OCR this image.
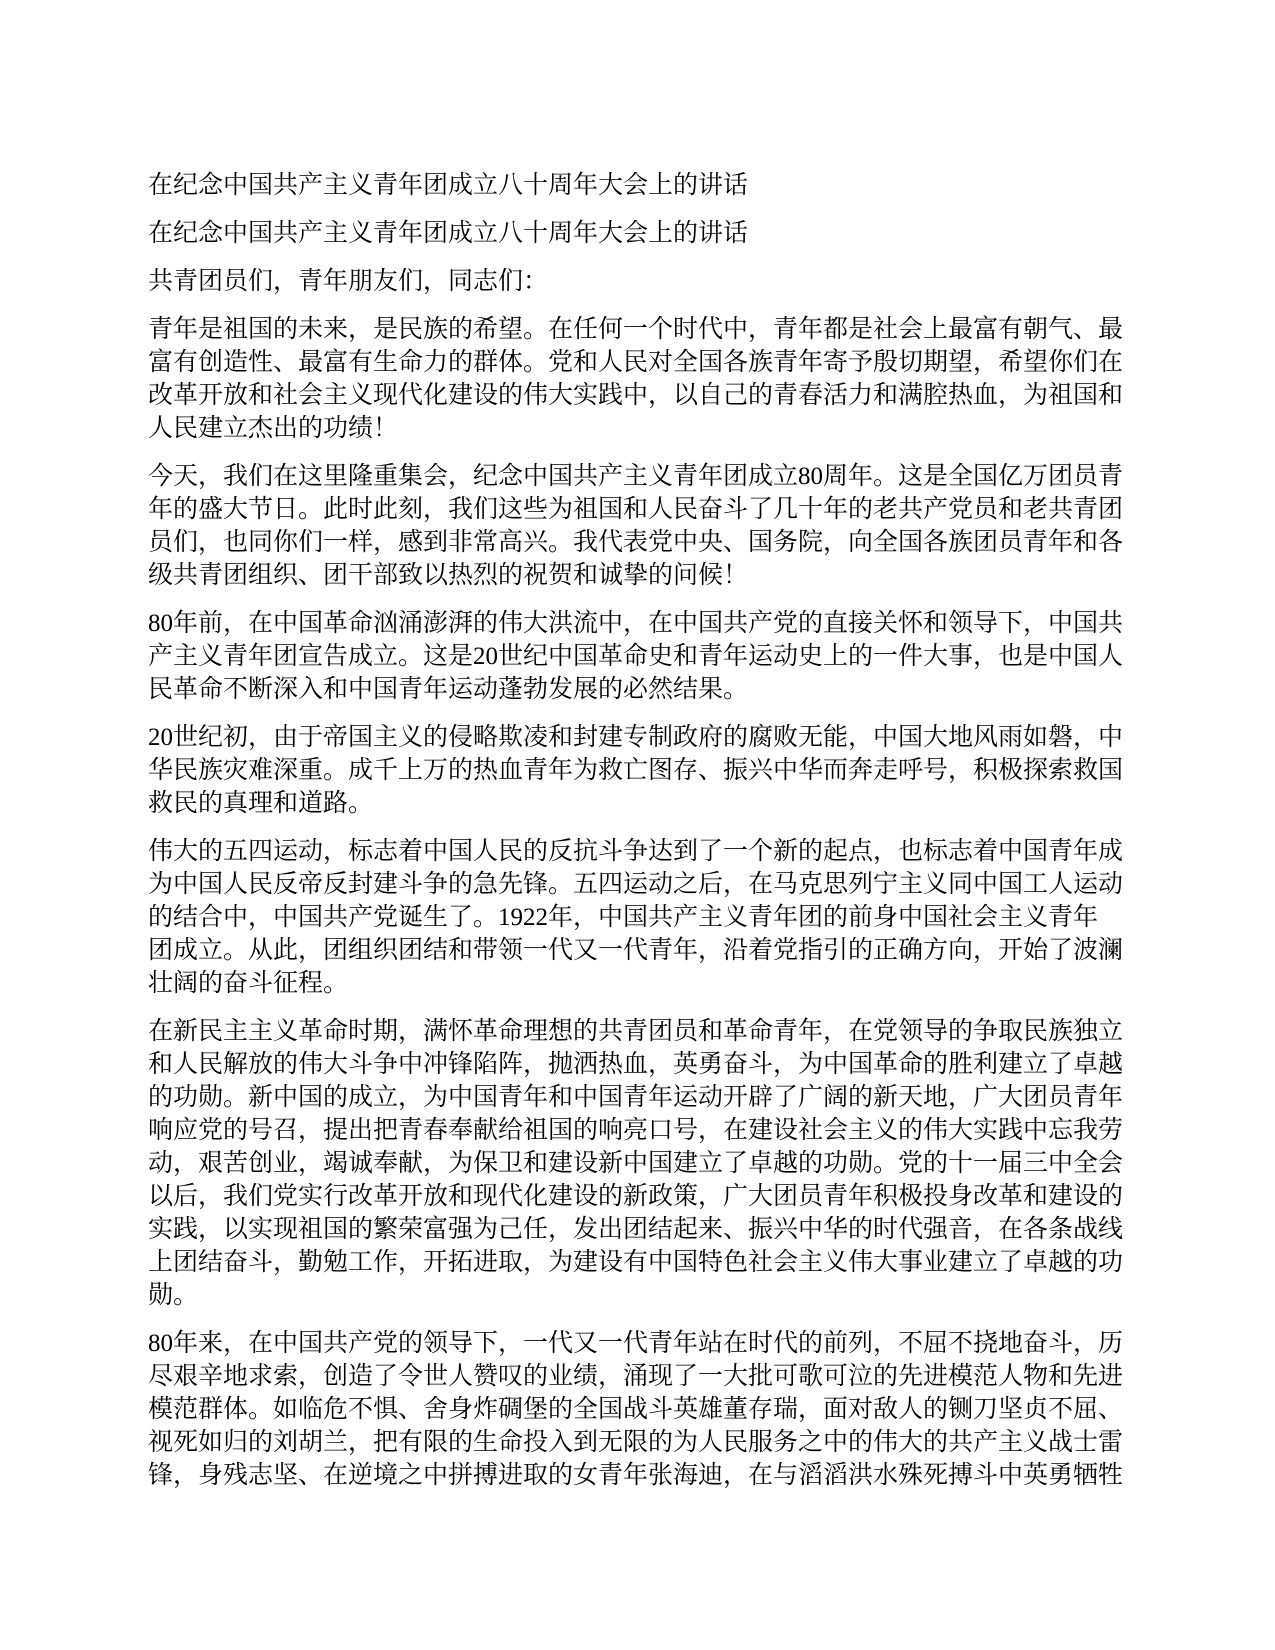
在纪念中国共产主义青年团成立八十周年大会上的讲话
在纪念中国共产主义青年团成立八十周年大会上的讲话
共青团员们，青年朋友们，同志们：
青年是祖国的未来，是民族的希望。在任何一个时代中，青年都是社会上最富有朝气、最
富有创造性、最富有生命力的群体。党和人民对全国各族青年寄予殷切期望，希望你们在
改革开放和社会主义现代化建设的伟大实践中，以自己的青春活力和满腔热血，为祖国和
人民建立杰出的功绩！
今天，我们在这里隆重集会，纪念中国共产主义青年团成立80周年。这是全国亿万团员青
年的盛大节日。此时此刻，我们这些为祖国和人民奋斗了几十年的老共产党员和老共青团
员们，也同你们一样，感到非常高兴。我代表党中央、国务院，向全国各族团员青年和各
级共青团组织、团干部致以热烈的祝贺和诚挚的问候！
80年前，在中国革命汹涌澎湃的伟大洪流中，在中国共产党的直接关怀和领导下，中国共
产主义青年团宣告成立。这是20世纪中国革命史和青年运动史上的一件大事，也是中国人
民革命不断深入和中国青年运动蓬勃发展的必然结果。
20世纪初，由于帝国主义的侵略欺凌和封建专制政府的腐败无能，中国大地风雨如磐，中
华民族灾难深重。成千上万的热血青年为救亡图存、振兴中华而奔走呼号，积极探索救国
救民的真理和道路。
伟大的五四运动，标志着中国人民的反抗斗争达到了一个新的起点，也标志着中国青年成
为中国人民反帝反封建斗争的急先锋。五四运动之后，在马克思列宁主义同中国工人运动
的结合中，中国共产党诞生了。1922年，中国共产主义青年团的前身中国社会主义青年
团成立。从此，团组织团结和带领一代又一代青年，沿着党指引的正确方向，开始了波澜
壮阔的奋斗征程。
在新民主主义革命时期，满怀革命理想的共青团员和革命青年，在党领导的争取民族独立
和人民解放的伟大斗争中冲锋陷阵，抛洒热血，英勇奋斗，为中国革命的胜利建立了卓越
的功勋。新中国的成立，为中国青年和中国青年运动开辟了广阔的新天地，广大团员青年
响应党的号召，提出把青春奉献给祖国的响亮口号，在建设社会主义的伟大实践中忘我劳
动，艰苦创业，竭诚奉献，为保卫和建设新中国建立了卓越的功勋。党的十一届三中全会
以后，我们党实行改革开放和现代化建设的新政策，广大团员青年积极投身改革和建设的
实践，以实现祖国的繁荣富强为己任，发出团结起来、振兴中华的时代强音，在各条战线
上团结奋斗，勤勉工作，开拓进取，为建设有中国特色社会主义伟大事业建立了卓越的功
勋。
80年来，在中国共产党的领导下，一代又一代青年站在时代的前列，不屈不挠地奋斗，历
尽艰辛地求索，创造了令世人赞叹的业绩，涌现了一大批可歌可泣的先进模范人物和先进
模范群体。如临危不惧、舍身炸碉堡的全国战斗英雄董存瑞，面对敌人的铡刀坚贞不屈、
视死如归的刘胡兰，把有限的生命投入到无限的为人民服务之中的伟大的共产主义战士雷
锋，身残志坚、在逆境之中拼搏进取的女青年张海迪，在与滔滔洪水殊死搏斗中英勇牺牲
